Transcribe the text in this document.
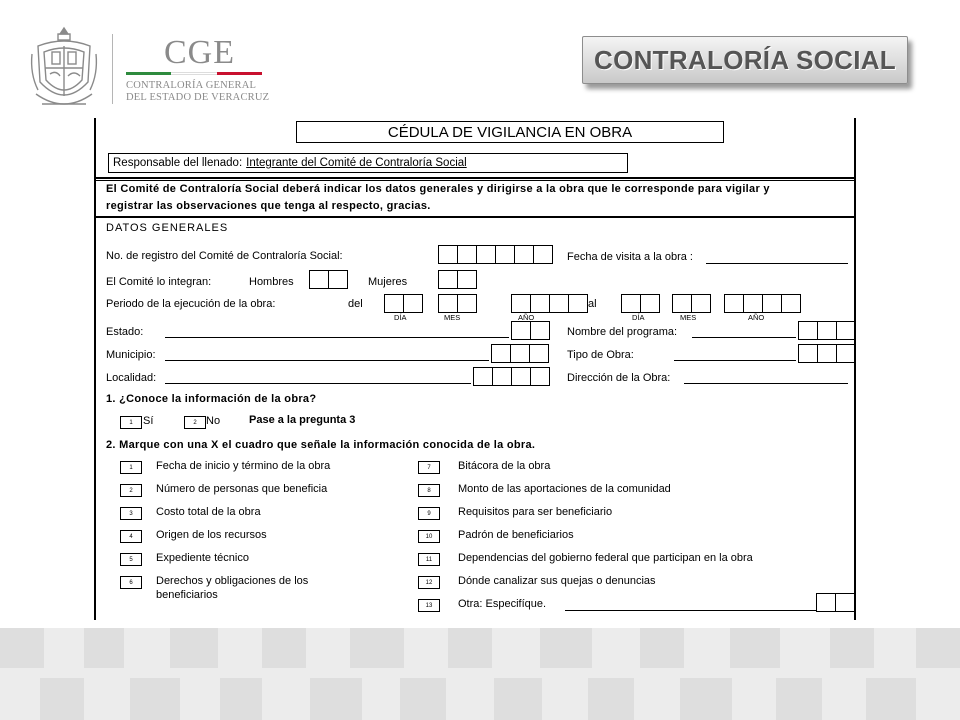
CGE
CONTRALORÍA GENERAL
DEL ESTADO DE VERACRUZ
CONTRALORÍA SOCIAL
CÉDULA DE VIGILANCIA EN OBRA
Responsable del llenado: Integrante del Comité de Contraloría Social
El Comité de Contraloría Social deberá indicar los datos generales y dirigirse a la obra que le corresponde para vigilar y
registrar las observaciones que tenga al respecto, gracias.
DATOS GENERALES
No. de registro del Comité de Contraloría Social:	Fecha de visita a la obra :
El Comité lo integran:	Hombres	Mujeres
Periodo de la ejecución de la obra:	del	al
DÍA	MES	AÑO	DÍA	MES	AÑO
Estado:	Nombre del programa:
Municipio:	Tipo de Obra:
Localidad:	Dirección de la Obra:
1. ¿Conoce la información de la obra?
1 Sí	2 No	Pase a la pregunta 3
2. Marque con una X el cuadro que señale la información conocida de la obra.
1	Fecha de inicio y término de la obra
2	Número de personas que beneficia
3	Costo total de la obra
4	Origen de los recursos
5	Expediente técnico
6	Derechos y obligaciones de los
beneficiarios
7	Bitácora de la obra
8	Monto de las aportaciones de la comunidad
9	Requisitos para ser beneficiario
10	Padrón de beneficiarios
11	Dependencias del gobierno federal que participan en la obra
12	Dónde canalizar sus quejas o denuncias
13	Otra: Especifíque.
